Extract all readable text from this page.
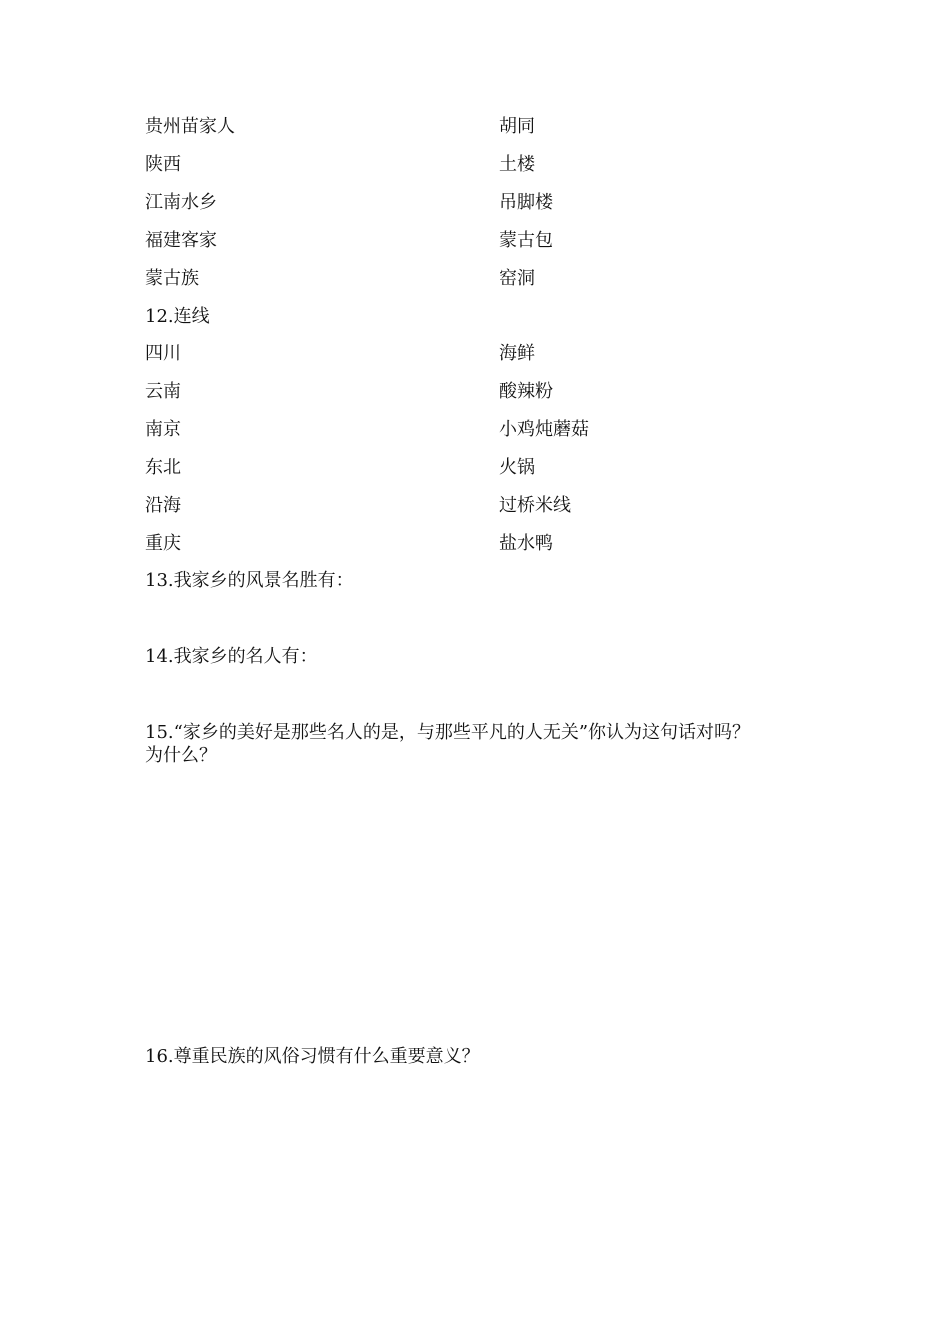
贵州苗家人	胡同
陕西	土楼
江南水乡	吊脚楼
福建客家	蒙古包
蒙古族	窑洞
12.连线
四川	海鲜
云南	酸辣粉
南京	小鸡炖蘑菇
东北	火锅
沿海	过桥米线
重庆	盐水鸭
13.我家乡的风景名胜有：
14.我家乡的名人有：
15.“家乡的美好是那些名人的是，与那些平凡的人无关”你认为这句话对吗？
为什么？
16.尊重民族的风俗习惯有什么重要意义？
